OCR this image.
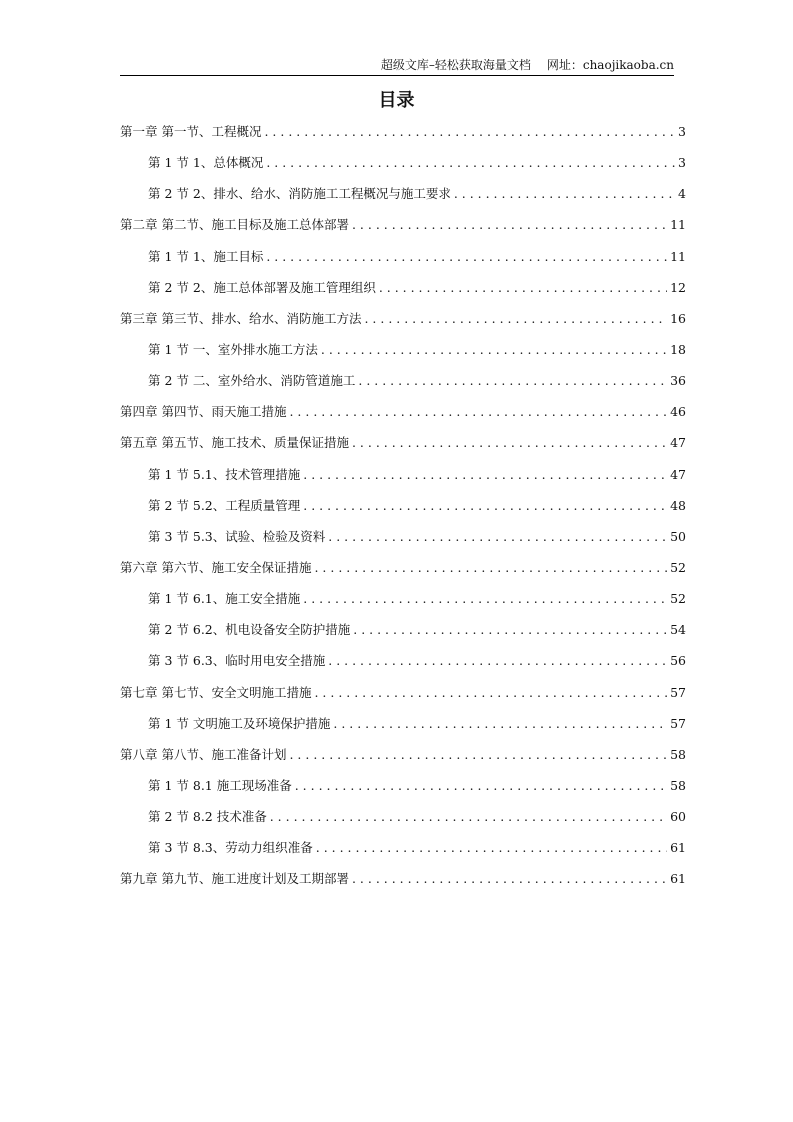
超级文库–轻松获取海量文档 网址：chaojikaoba.cn
目录
第一章 第一节、工程概况 . . .	3
第 1 节 1、总体概况 . . .	3
第 2 节 2、排水、给水、消防施工工程概况与施工要求 . . .	4
第二章 第二节、施工目标及施工总体部署 . . .	11
第 1 节 1、施工目标 . . .	11
第 2 节 2、施工总体部署及施工管理组织 . . .	12
第三章 第三节、排水、给水、消防施工方法 . . .	16
第 1 节 一、室外排水施工方法 . . .	18
第 2 节 二、室外给水、消防管道施工 . . .	36
第四章 第四节、雨天施工措施 . . .	46
第五章 第五节、施工技术、质量保证措施 . . .	47
第 1 节 5.1、技术管理措施 . . .	47
第 2 节 5.2、工程质量管理 . . .	48
第 3 节 5.3、试验、检验及资料 . . .	50
第六章 第六节、施工安全保证措施 . . .	52
第 1 节 6.1、施工安全措施 . . .	52
第 2 节 6.2、机电设备安全防护措施 . . .	54
第 3 节 6.3、临时用电安全措施 . . .	56
第七章 第七节、安全文明施工措施 . . .	57
第 1 节 文明施工及环境保护措施 . . .	57
第八章 第八节、施工准备计划 . . .	58
第 1 节 8.1 施工现场准备 . . .	58
第 2 节 8.2 技术准备 . . .	60
第 3 节 8.3、劳动力组织准备 . . .	61
第九章 第九节、施工进度计划及工期部署 . . .	61
